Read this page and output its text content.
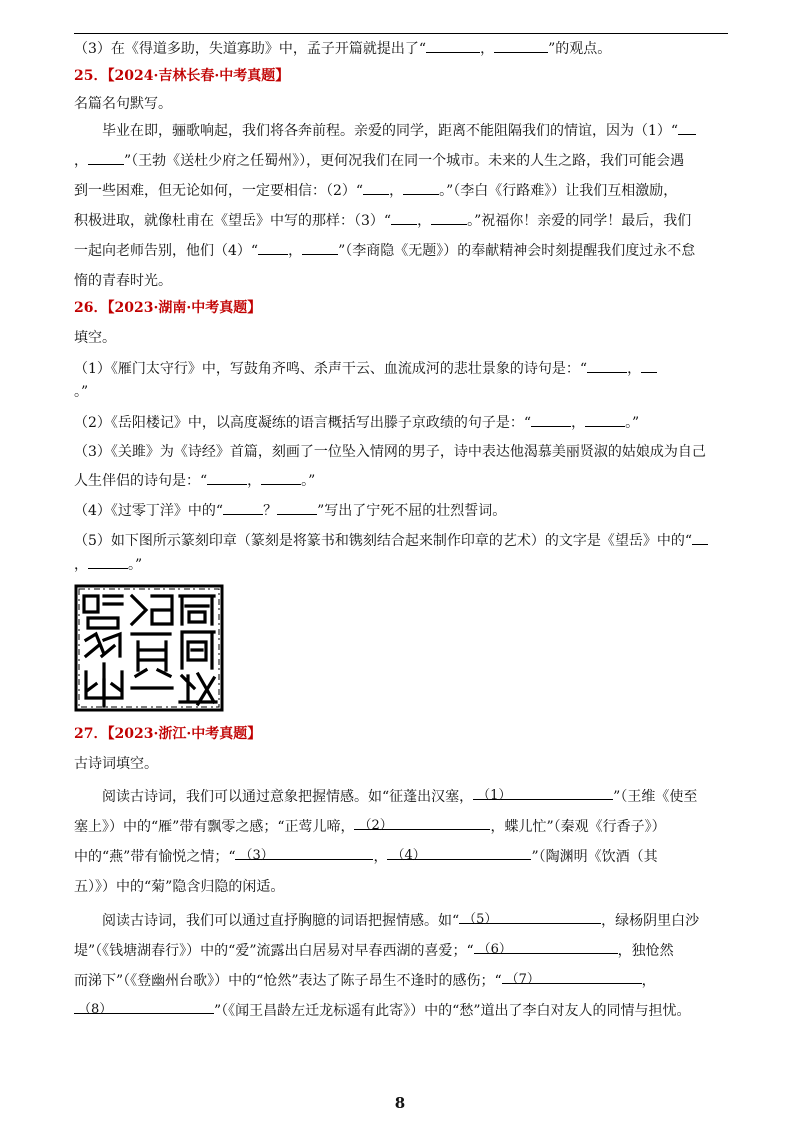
（3）在《得道多助，失道寡助》中，孟子开篇就提出了“	，	”的观点。
25．【2024·吉林长春·中考真题】
名篇名句默写。
毕业在即，骊歌响起，我们将各奔前程。亲爱的同学，距离不能阻隔我们的情谊，因为（1）“
，	”（王勃《送杜少府之任蜀州》），更何况我们在同一个城市。未来的人生之路，我们可能会遇
到一些困难，但无论如何，一定要相信：（2）“ ，	。”（李白《行路难》）让我们互相激励，
积极进取，就像杜甫在《望岳》中写的那样：（3）“ ，	。”祝福你！亲爱的同学！最后，我们
一起向老师告别，他们（4）“ ，	”（李商隐《无题》）的奉献精神会时刻提醒我们度过永不怠
惰的青春时光。
26．【2023·湖南·中考真题】
填空。
（1）《雁门太守行》中，写鼓角齐鸣、杀声干云、血流成河的悲壮景象的诗句是：“	，
。”
（2）《岳阳楼记》中，以高度凝练的语言概括写出滕子京政绩的句子是：“	，	。”
（3）《关雎》为《诗经》首篇，刻画了一位坠入情网的男子，诗中表达他渴慕美丽贤淑的姑娘成为自己
人生伴侣的诗句是：“	，	。”
（4）《过零丁洋》中的“	？	”写出了宁死不屈的壮烈誓词。
（5）如下图所示篆刻印章（篆刻是将篆书和镌刻结合起来制作印章的艺术）的文字是《望岳》中的“
，	。”
27．【2023·浙江·中考真题】
古诗词填空。
阅读古诗词，我们可以通过意象把握情感。如“征蓬出汉塞， （1）	”（王维《使至
塞上》）中的“雁”带有飘零之感；“正莺儿啼， （2）	，蝶儿忙”（秦观《行香子》）
中的“燕”带有愉悦之情；“ （3）	， （4）	”（陶渊明《饮酒（其
五）》）中的“菊”隐含归隐的闲适。
阅读古诗词，我们可以通过直抒胸臆的词语把握情感。如“ （5）	，绿杨阴里白沙
堤”（《钱塘湖春行》）中的“爱”流露出白居易对早春西湖的喜爱；“ （6）	，独怆然
而涕下”（《登幽州台歌》）中的“怆然”表达了陈子昂生不逢时的感伤；“ （7）	，
（8）	”（《闻王昌龄左迁龙标遥有此寄》）中的“愁”道出了李白对友人的同情与担忧。
8
